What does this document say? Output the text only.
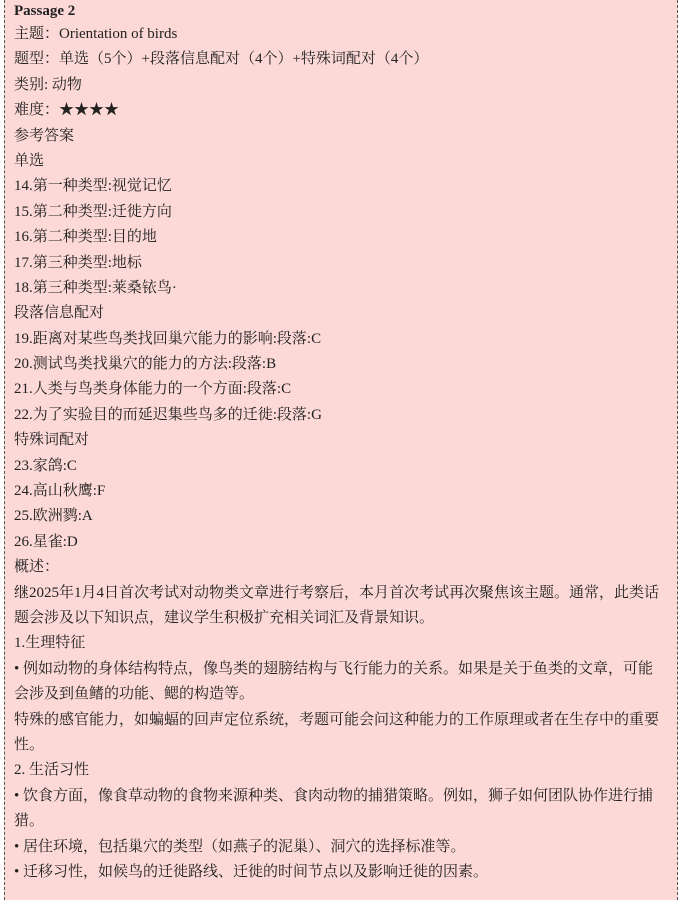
Passage 2
主题：Orientation of birds
题型：单选（5个）+段落信息配对（4个）+特殊词配对（4个）
类别: 动物
难度：★★★★
参考答案
单选
14.第一种类型:视觉记忆
15.第二种类型:迁徙方向
16.第二种类型:目的地
17.第三种类型:地标
18.第三种类型:莱桑铱鸟·
段落信息配对
19.距离对某些鸟类找回巢穴能力的影响:段落:C
20.测试鸟类找巢穴的能力的方法:段落:B
21.人类与鸟类身体能力的一个方面:段落:C
22.为了实验目的而延迟集些鸟多的迁徙:段落:G
特殊词配对
23.家鸽:C
24.高山秋鹰:F
25.欧洲鹨:A
26.星雀:D
概述：
继2025年1月4日首次考试对动物类文章进行考察后，本月首次考试再次聚焦该主题。通常，此类话题会涉及以下知识点，建议学生积极扩充相关词汇及背景知识。
1.生理特征
• 例如动物的身体结构特点，像鸟类的翅膀结构与飞行能力的关系。如果是关于鱼类的文章，可能会涉及到鱼鳍的功能、鳃的构造等。
特殊的感官能力，如蝙蝠的回声定位系统，考题可能会问这种能力的工作原理或者在生存中的重要性。
2. 生活习性
• 饮食方面，像食草动物的食物来源种类、食肉动物的捕猎策略。例如，狮子如何团队协作进行捕猎。
• 居住环境，包括巢穴的类型（如燕子的泥巢）、洞穴的选择标准等。
• 迁移习性，如候鸟的迁徙路线、迁徙的时间节点以及影响迁徙的因素。
